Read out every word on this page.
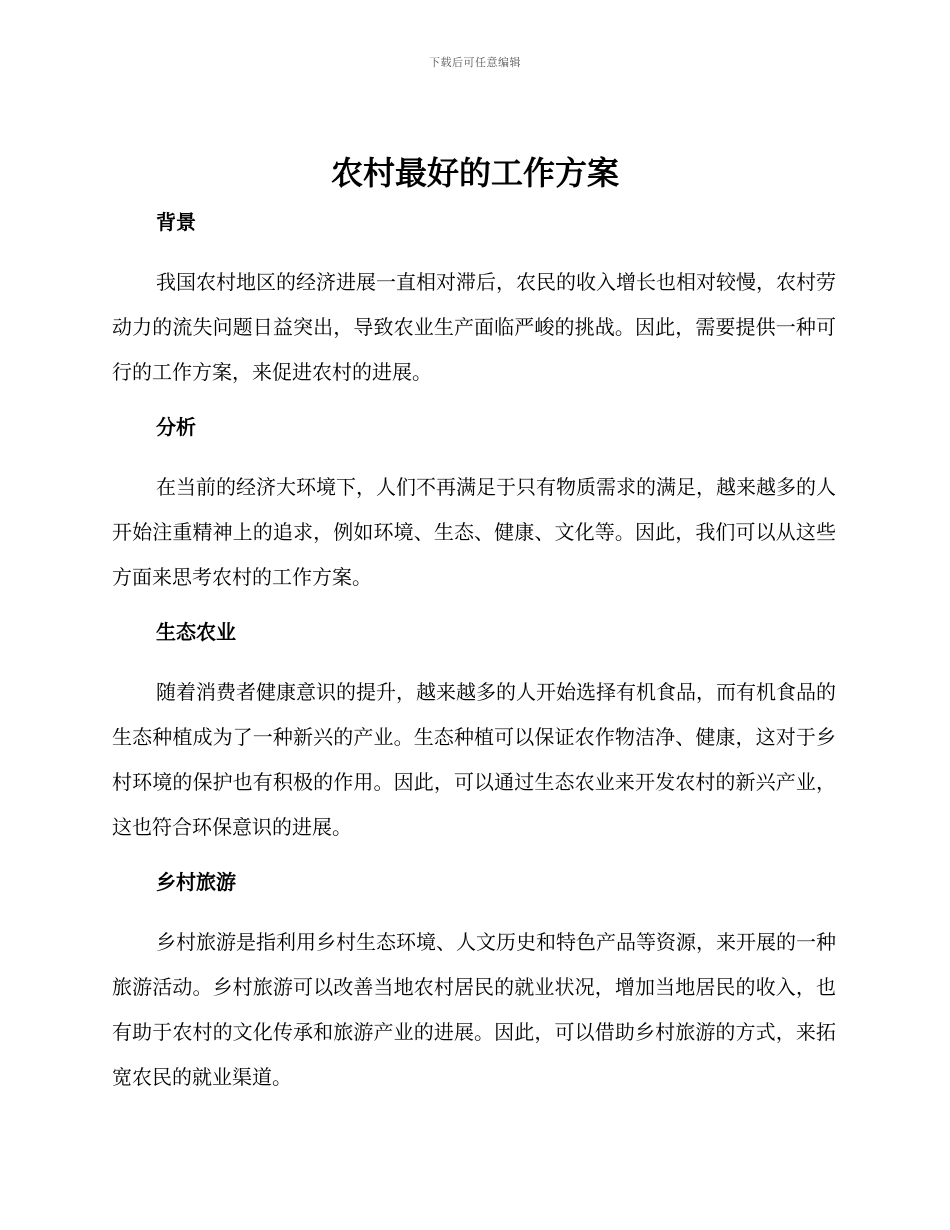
下载后可任意编辑
农村最好的工作方案
背景

我国农村地区的经济进展一直相对滞后，农民的收入增长也相对较慢，农村劳动力的流失问题日益突出，导致农业生产面临严峻的挑战。因此，需要提供一种可行的工作方案，来促进农村的进展。

分析

在当前的经济大环境下，人们不再满足于只有物质需求的满足，越来越多的人开始注重精神上的追求，例如环境、生态、健康、文化等。因此，我们可以从这些方面来思考农村的工作方案。

生态农业

随着消费者健康意识的提升，越来越多的人开始选择有机食品，而有机食品的生态种植成为了一种新兴的产业。生态种植可以保证农作物洁净、健康，这对于乡村环境的保护也有积极的作用。因此，可以通过生态农业来开发农村的新兴产业，这也符合环保意识的进展。

乡村旅游

乡村旅游是指利用乡村生态环境、人文历史和特色产品等资源，来开展的一种旅游活动。乡村旅游可以改善当地农村居民的就业状况，增加当地居民的收入，也有助于农村的文化传承和旅游产业的进展。因此，可以借助乡村旅游的方式，来拓宽农民的就业渠道。
